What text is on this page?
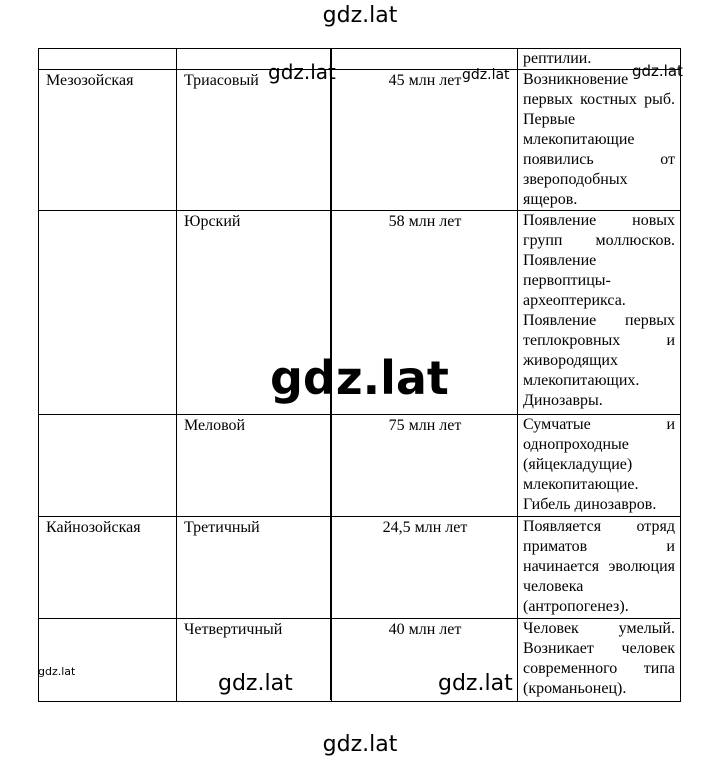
gdz.lat
			рептилии.
Мезозойская	Триасовый	45 млн лет	Возникновение первых костных рыб. Первые млекопитающие появились от звероподобных ящеров.
	Юрский	58 млн лет	Появление новых групп моллюсков. Появление первоптицы-археоптерикса. Появление первых теплокровных и живородящих млекопитающих. Динозавры.
	Меловой	75 млн лет	Сумчатые и однопроходные (яйцекладущие) млекопитающие. Гибель динозавров.
Кайнозойская	Третичный	24,5 млн лет	Появляется отряд приматов и начинается эволюция человека (антропогенез).
	Четвертичный	40 млн лет	Человек умелый. Возникает человек современного типа (кроманьонец).
gdz.lat	gdz.lat	gdz.lat
gdz.lat
gdz.lat	gdz.lat	gdz.lat
gdz.lat
